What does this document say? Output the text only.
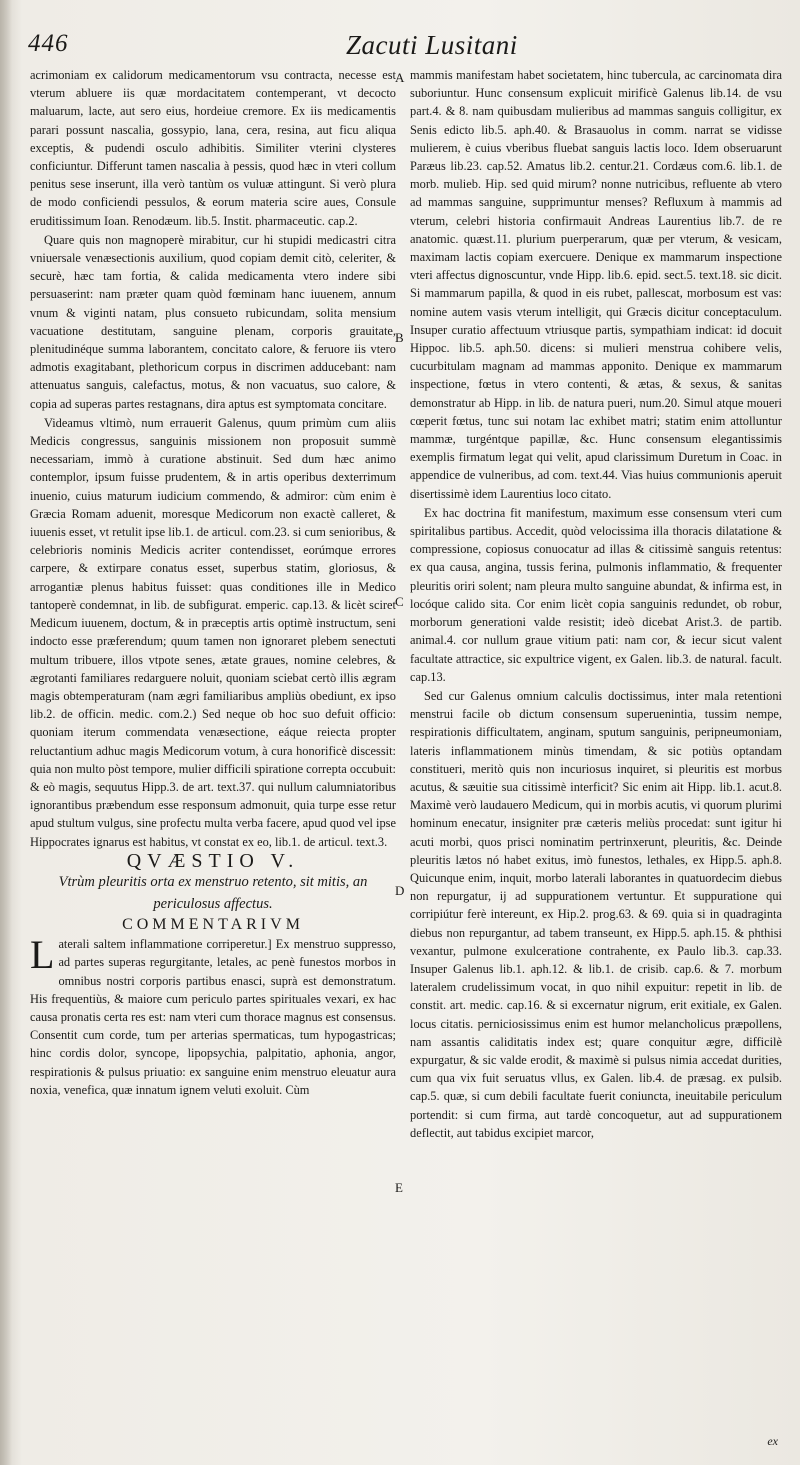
446	Zacuti Lusitani

acrimoniam ex calidorum medicamentorum vsu contracta, necesse est vterum abluere iis quæ mordacitatem contemperant, vt decocto maluarum, lacte, aut sero eius, hordeiue cremore. Ex iis medicamentis parari possunt nascalia, gossypio, lana, cera, resina, aut ficu aliqua exceptis, & pudendi osculo adhibitis. Similiter vterini clysteres conficiuntur. Differunt tamen nascalia à pessis, quod hæc in vteri collum penitus sese inserunt, illa verò tantùm os vuluæ attingunt. Si verò plura de modo conficiendi pessulos, & eorum materia scire aues, Consule eruditissimum Ioan. Renodæum. lib.5. Instit. pharmaceutic. cap.2.

Quare quis non magnoperè mirabitur, cur hi stupidi medicastri citra vniuersale venæsectionis auxilium, quod copiam demit citò, celeriter, & securè, hæc tam fortia, & calida medicamenta vtero indere sibi persuaserint: nam præter quam quòd fœminam hanc iuuenem, annum vnum & viginti natam, plus consueto rubicundam, solita mensium vacuatione destitutam, sanguine plenam, corporis grauitate, plenitudinéque summa laborantem, concitato calore, & feruore iis vtero admotis exagitabant, plethoricum corpus in discrimen adducebant: nam attenuatus sanguis, calefactus, motus, & non vacuatus, suo calore, & copia ad superas partes restagnans, dira aptus est symptomata concitare.

Videamus vltimò, num errauerit Galenus, quum primùm cum aliis Medicis congressus, sanguinis missionem non proposuit summè necessariam, immò à curatione abstinuit. Sed dum hæc animo contemplor, ipsum fuisse prudentem, & in artis operibus dexterrimum inuenio, cuius maturum iudicium commendo, & admiror: cùm enim è Græcia Romam aduenit, moresque Medicorum non exactè calleret, & iuuenis esset, vt retulit ipse lib.1. de articul. com.23. si cum senioribus, & celebrioris nominis Medicis acriter contendisset, eorúmque errores carpere, & extirpare conatus esset, superbus statim, gloriosus, & arrogantiæ plenus habitus fuisset: quas conditiones ille in Medico tantoperè condemnat, in lib. de subfigurat. emperic. cap.13. & licèt sciret Medicum iuuenem, doctum, & in præceptis artis optimè instructum, seni indocto esse præferendum; quum tamen non ignoraret plebem senectuti multum tribuere, illos vtpote senes, ætate graues, nomine celebres, & ægrotanti familiares redarguere noluit, quoniam sciebat certò illis ægram magis obtemperaturam (nam ægri familiaribus ampliùs obediunt, ex ipso lib.2. de officin. medic. com.2.) Sed neque ob hoc suo defuit officio: quoniam iterum commendata venæsectione, eáque reiecta propter reluctantium adhuc magis Medicorum votum, à cura honorificè discessit: quia non multo pòst tempore, mulier difficili spiratione correpta occubuit: & eò magis, sequutus Hipp.3. de art. text.37. qui nullum calumniatoribus ignorantibus præbendum esse responsum admonuit, quia turpe esse retur apud stultum vulgus, sine profectu multa verba facere, apud quod vel ipse Hippocrates ignarus est habitus, vt constat ex eo, lib.1. de articul. text.3.

QVÆSTIO V.

Vtrùm pleuritis orta ex menstruo retento, sit mitis, an periculosus affectus.

COMMENTARIVM

Laterali saltem inflammatione corriperetur.] Ex menstruo suppresso, ad partes superas regurgitante, letales, ac penè funestos morbos in omnibus nostri corporis partibus enasci, suprà est demonstratum. His frequentiùs, & maiore cum periculo partes spirituales vexari, ex hac causa pronatis certa res est: nam vteri cum thorace magnus est consensus. Consentit cum corde, tum per arterias spermaticas, tum hypogastricas; hinc cordis dolor, syncope, lipopsychia, palpitatio, aphonia, angor, respirationis & pulsus priuatio: ex sanguine enim menstruo eleuatur aura noxia, venefica, quæ innatum ignem veluti exoluit. Cùm

A
B
C
D
E

mammis manifestam habet societatem, hinc tubercula, ac carcinomata dira suboriuntur. Hunc consensum explicuit mirificè Galenus lib.14. de vsu part.4. & 8. nam quibusdam mulieribus ad mammas sanguis colligitur, ex Senis edicto lib.5. aph.40. & Brasauolus in comm. narrat se vidisse mulierem, è cuius vberibus fluebat sanguis lactis loco. Idem obseruarunt Paræus lib.23. cap.52. Amatus lib.2. centur.21. Cordæus com.6. lib.1. de morb. mulieb. Hip. sed quid mirum? nonne nutricibus, refluente ab vtero ad mammas sanguine, supprimuntur menses? Refluxum à mammis ad vterum, celebri historia confirmauit Andreas Laurentius lib.7. de re anatomic. quæst.11. plurium puerperarum, quæ per vterum, & vesicam, maximam lactis copiam exercuere. Denique ex mammarum inspectione vteri affectus dignoscuntur, vnde Hipp. lib.6. epid. sect.5. text.18. sic dicit. Si mammarum papilla, & quod in eis rubet, pallescat, morbosum est vas: nomine autem vasis vterum intelligit, qui Græcis dicitur conceptaculum. Insuper curatio affectuum vtriusque partis, sympathiam indicat: id docuit Hippoc. lib.5. aph.50. dicens: si mulieri menstrua cohibere velis, cucurbitulam magnam ad mammas apponito. Denique ex mammarum inspectione, fœtus in vtero contenti, & ætas, & sexus, & sanitas demonstratur ab Hipp. in lib. de natura pueri, num.20. Simul atque moueri cœperit fœtus, tunc sui notam lac exhibet matri; statim enim attolluntur mammæ, turgéntque papillæ, &c. Hunc consensum elegantissimis exemplis firmatum legat qui velit, apud clarissimum Duretum in Coac. in appendice de vulneribus, ad com. text.44. Vias huius communionis aperuit disertissimè idem Laurentius loco citato.

Ex hac doctrina fit manifestum, maximum esse consensum vteri cum spiritalibus partibus. Accedit, quòd velocissima illa thoracis dilatatione & compressione, copiosus conuocatur ad illas & citissimè sanguis retentus: ex qua causa, angina, tussis ferina, pulmonis inflammatio, & frequenter pleuritis oriri solent; nam pleura multo sanguine abundat, & infirma est, in locóque calido sita. Cor enim licèt copia sanguinis redundet, ob robur, morborum generationi valde resistit; ideò dicebat Arist.3. de partib. animal.4. cor nullum graue vitium pati: nam cor, & iecur sicut valent facultate attractice, sic expultrice vigent, ex Galen. lib.3. de natural. facult. cap.13.

Sed cur Galenus omnium calculis doctissimus, inter mala retentioni menstrui facile ob dictum consensum superuenintia, tussim nempe, respirationis difficultatem, anginam, sputum sanguinis, peripneumoniam, lateris inflammationem minùs timendam, & sic potiùs optandam constitueri, meritò quis non incuriosus inquiret, si pleuritis est morbus acutus, & sæuitie sua citissimè interficit? Sic enim ait Hipp. lib.1. acut.8. Maximè verò laudauero Medicum, qui in morbis acutis, vi quorum plurimi hominum enecatur, insigniter præ cæteris meliùs procedat: sunt igitur hi acuti morbi, quos prisci nominatim pertrinxerunt, pleuritis, &c. Deinde pleuritis lætos nó habet exitus, imò funestos, lethales, ex Hipp.5. aph.8. Quicunque enim, inquit, morbo laterali laborantes in quatuordecim diebus non repurgatur, ij ad suppurationem vertuntur. Et suppuratione qui corripiútur ferè intereunt, ex Hip.2. prog.63. & 69. quia si in quadraginta diebus non repurgantur, ad tabem transeunt, ex Hipp.5. aph.15. & phthisi vexantur, pulmone exulceratione contrahente, ex Paulo lib.3. cap.33. Insuper Galenus lib.1. aph.12. & lib.1. de crisib. cap.6. & 7. morbum lateralem crudelissimum vocat, in quo nihil expuitur: repetit in lib. de constit. art. medic. cap.16. & si excernatur nigrum, erit exitiale, ex Galen. locus citatis. perniciosissimus enim est humor melancholicus præpollens, nam assantis caliditatis index est; quare conquitur ægre, difficilè expurgatur, & sic valde erodit, & maximè si pulsus nimia accedat durities, cum qua vix fuit seruatus vllus, ex Galen. lib.4. de præsag. ex pulsib. cap.5. quæ, si cum debili facultate fuerit coniuncta, ineuitabile periculum portendit: si cum firma, aut tardè concoquetur, aut ad suppurationem deflectit, aut tabidus excipiet marcor,

ex
